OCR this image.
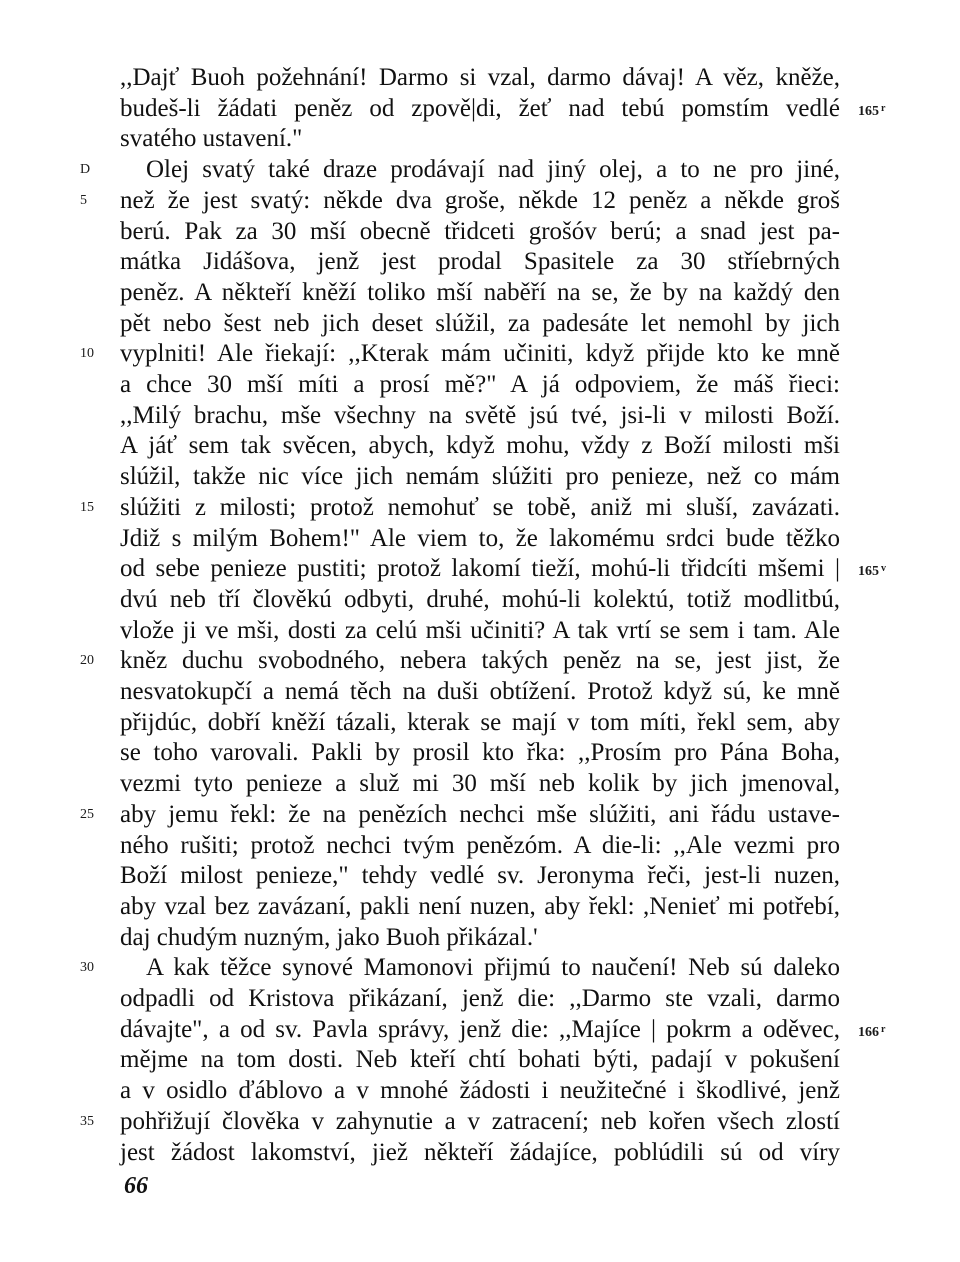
,,Dajť Buoh požehnání! Darmo si vzal, darmo dávaj! A věz, kněže,
budeš-li žádati peněz od zpově|di, žeť nad tebú pomstím vedlé
svatého ustavení."
Olej svatý také draze prodávají nad jiný olej, a to ne pro jiné,
než že jest svatý: někde dva groše, někde 12 peněz a někde groš
berú. Pak za 30 mší obecně třidceti grošóv berú; a snad jest pa-
mátka Jidášova, jenž jest prodal Spasitele za 30 stříebrných
peněz. A někteří kněží toliko mší naběří na se, že by na každý den
pět nebo šest neb jich deset slúžil, za padesáte let nemohl by jich
vyplniti! Ale řiekají: ,,Kterak mám učiniti, když přijde kto ke mně
a chce 30 mší míti a prosí mě?" A já odpoviem, že máš řieci:
,,Milý brachu, mše všechny na světě jsú tvé, jsi-li v milosti Boží.
A jáť sem tak svěcen, abych, když mohu, vždy z Boží milosti mši
slúžil, takže nic více jich nemám slúžiti pro penieze, než co mám
slúžiti z milosti; protož nemohuť se tobě, aniž mi sluší, zavázati.
Jdiž s milým Bohem!" Ale viem to, že lakomému srdci bude těžko
od sebe penieze pustiti; protož lakomí tieží, mohú-li třidcíti mšemi |
dvú neb tří člověkú odbyti, druhé, mohú-li kolektú, totiž modlitbú,
vlože ji ve mši, dosti za celú mši učiniti? A tak vrtí se sem i tam. Ale
kněz duchu svobodného, nebera takých peněz na se, jest jist, že
nesvatokupčí a nemá těch na duši obtížení. Protož když sú, ke mně
přijdúc, dobří kněží tázali, kterak se mají v tom míti, řekl sem, aby
se toho varovali. Pakli by prosil kto řka: ,,Prosím pro Pána Boha,
vezmi tyto penieze a služ mi 30 mší neb kolik by jich jmenoval,
aby jemu řekl: že na penězích nechci mše slúžiti, ani řádu ustave-
ného rušiti; protož nechci tvým penězóm. A die-li: ,,Ale vezmi pro
Boží milost penieze," tehdy vedlé sv. Jeronyma řeči, jest-li nuzen,
aby vzal bez zavázaní, pakli není nuzen, aby řekl: ,Nenieť mi potřebí,
daj chudým nuzným, jako Buoh přikázal.'
A kak těžce synové Mamonovi přijmú to naučení! Neb sú daleko
odpadli od Kristova přikázaní, jenž die: ,,Darmo ste vzali, darmo
dávajte", a od sv. Pavla správy, jenž die: ,,Majíce | pokrm a oděvec,
mějme na tom dosti. Neb kteří chtí bohati býti, padají v pokušení
a v osidlo ďáblovo a v mnohé žádosti i neužitečné i škodlivé, jenž
pohřižují člověka v zahynutie a v zatracení; neb kořen všech zlostí
jest žádost lakomství, jiež někteří žádajíce, poblúdili sú od víry
D
5
10
15
20
25
30
35
165 $^r$
165 $^v$
166 $^r$
66
